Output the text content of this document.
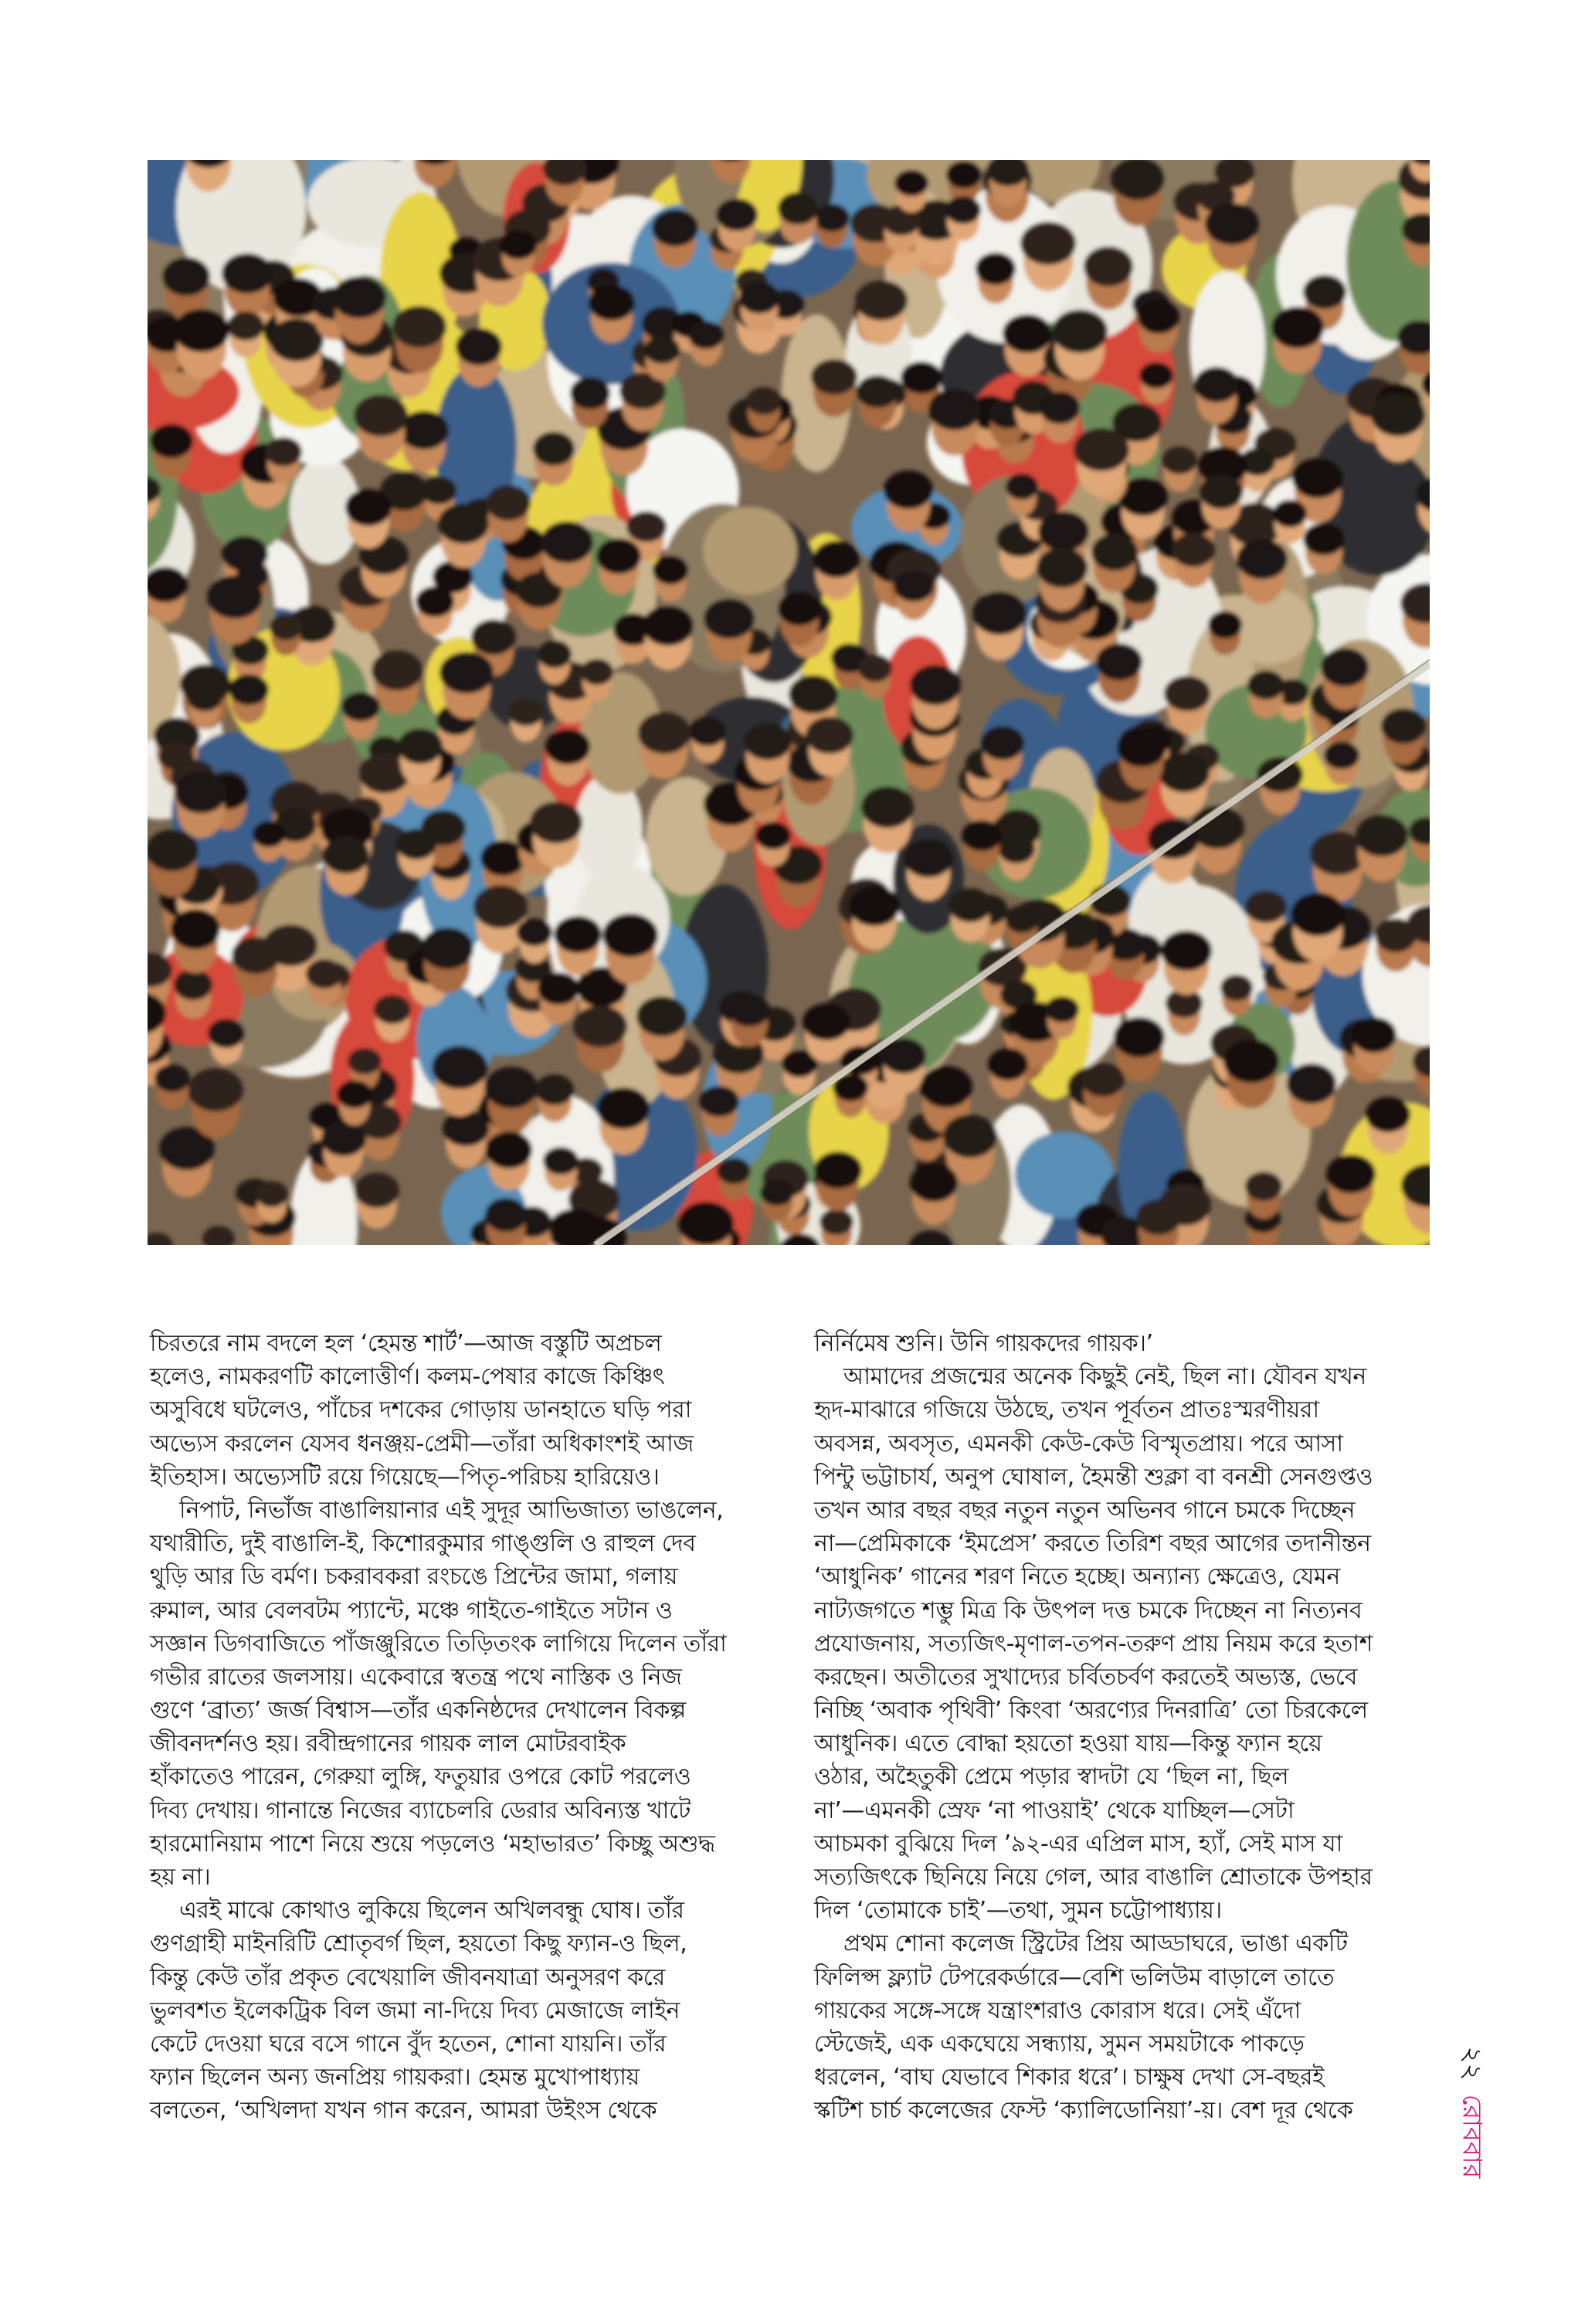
চিরতরে নাম বদলে হল ‘হেমন্ত শার্ট’—আজ বস্তুটি অপ্রচল
হলেও, নামকরণটি কালোত্তীর্ণ। কলম-পেষার কাজে কিঞ্চিৎ
অসুবিধে ঘটলেও, পাঁচের দশকের গোড়ায় ডানহাতে ঘড়ি পরা
অভ্যেস করলেন যেসব ধনঞ্জয়-প্রেমী—তাঁরা অধিকাংশই আজ
ইতিহাস। অভ্যেসটি রয়ে গিয়েছে—পিতৃ-পরিচয় হারিয়েও।
নিপাট, নিভাঁজ বাঙালিয়ানার এই সুদূর আভিজাত্য ভাঙলেন,
যথারীতি, দুই বাঙালি-ই, কিশোরকুমার গাঙ্গুলি ও রাহুল দেব
থুড়ি আর ডি বর্মণ। চকরাবকরা রংচঙে প্রিন্টের জামা, গলায়
রুমাল, আর বেলবটম প্যান্টে, মঞ্চে গাইতে-গাইতে সটান ও
সজ্ঞান ডিগবাজিতে পাঁজঞ্জুরিতে তিড়িতংক লাগিয়ে দিলেন তাঁরা
গভীর রাতের জলসায়। একেবারে স্বতন্ত্র পথে নাস্তিক ও নিজ
গুণে ‘ব্রাত্য’ জর্জ বিশ্বাস—তাঁর একনিষ্ঠদের দেখালেন বিকল্প
জীবনদর্শনও হয়। রবীন্দ্রগানের গায়ক লাল মোটরবাইক
হাঁকাতেও পারেন, গেরুয়া লুঙ্গি, ফতুয়ার ওপরে কোট পরলেও
দিব্য দেখায়। গানান্তে নিজের ব্যাচেলরি ডেরার অবিন্যস্ত খাটে
হারমোনিয়াম পাশে নিয়ে শুয়ে পড়লেও ‘মহাভারত’ কিচ্ছু অশুদ্ধ
হয় না।
এরই মাঝে কোথাও লুকিয়ে ছিলেন অখিলবন্ধু ঘোষ। তাঁর
গুণগ্রাহী মাইনরিটি শ্রোতৃবর্গ ছিল, হয়তো কিছু ফ্যান-ও ছিল,
কিন্তু কেউ তাঁর প্রকৃত বেখেয়ালি জীবনযাত্রা অনুসরণ করে
ভুলবশত ইলেকট্রিক বিল জমা না-দিয়ে দিব্য মেজাজে লাইন
কেটে দেওয়া ঘরে বসে গানে বুঁদ হতেন, শোনা যায়নি। তাঁর
ফ্যান ছিলেন অন্য জনপ্রিয় গায়করা। হেমন্ত মুখোপাধ্যায়
বলতেন, ‘অখিলদা যখন গান করেন, আমরা উইংস থেকে
নির্নিমেষ শুনি। উনি গায়কদের গায়ক।’
আমাদের প্রজন্মের অনেক কিছুই নেই, ছিল না। যৌবন যখন
হৃদ-মাঝারে গজিয়ে উঠছে, তখন পূর্বতন প্রাতঃস্মরণীয়রা
অবসন্ন, অবসৃত, এমনকী কেউ-কেউ বিস্মৃতপ্রায়। পরে আসা
পিন্টু ভট্টাচার্য, অনুপ ঘোষাল, হৈমন্তী শুক্লা বা বনশ্রী সেনগুপ্তও
তখন আর বছর বছর নতুন নতুন অভিনব গানে চমকে দিচ্ছেন
না—প্রেমিকাকে ‘ইমপ্রেস’ করতে তিরিশ বছর আগের তদানীন্তন
‘আধুনিক’ গানের শরণ নিতে হচ্ছে। অন্যান্য ক্ষেত্রেও, যেমন
নাট্যজগতে শম্ভু মিত্র কি উৎপল দত্ত চমকে দিচ্ছেন না নিত্যনব
প্রযোজনায়, সত্যজিৎ-মৃণাল-তপন-তরুণ প্রায় নিয়ম করে হতাশ
করছেন। অতীতের সুখাদ্যের চর্বিতচর্বণ করতেই অভ্যস্ত, ভেবে
নিচ্ছি ‘অবাক পৃথিবী’ কিংবা ‘অরণ্যের দিনরাত্রি’ তো চিরকেলে
আধুনিক। এতে বোদ্ধা হয়তো হওয়া যায়—কিন্তু ফ্যান হয়ে
ওঠার, অহৈতুকী প্রেমে পড়ার স্বাদটা যে ‘ছিল না, ছিল
না’—এমনকী স্রেফ ‘না পাওয়াই’ থেকে যাচ্ছিল—সেটা
আচমকা বুঝিয়ে দিল ’৯২-এর এপ্রিল মাস, হ্যাঁ, সেই মাস যা
সত্যজিৎকে ছিনিয়ে নিয়ে গেল, আর বাঙালি শ্রোতাকে উপহার
দিল ‘তোমাকে চাই’—তথা, সুমন চট্টোপাধ্যায়।
প্রথম শোনা কলেজ স্ট্রিটের প্রিয় আড্ডাঘরে, ভাঙা একটি
ফিলিপ্স ফ্ল্যাট টেপরেকর্ডারে—বেশি ভলিউম বাড়ালে তাতে
গায়কের সঙ্গে-সঙ্গে যন্ত্রাংশরাও কোরাস ধরে। সেই এঁদো
স্টেজেই, এক একঘেয়ে সন্ধ্যায়, সুমন সময়টাকে পাকড়ে
ধরলেন, ‘বাঘ যেভাবে শিকার ধরে’। চাক্ষুষ দেখা সে-বছরই
স্কটিশ চার্চ কলেজের ফেস্ট ‘ক্যালিডোনিয়া’-য়। বেশ দূর থেকে
২২রোববার
